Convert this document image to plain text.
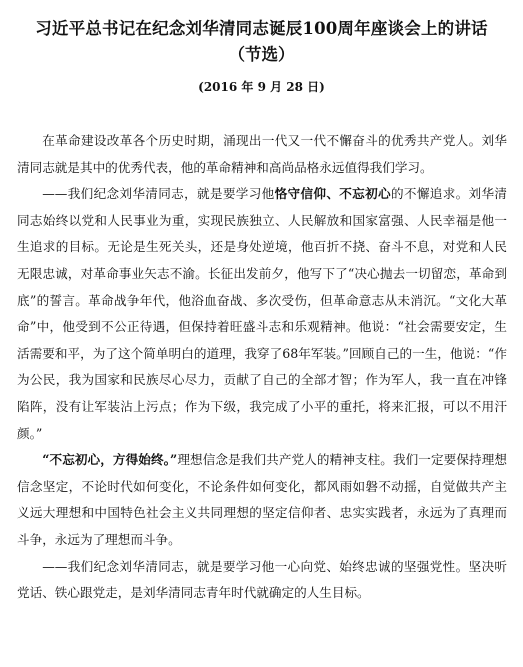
习近平总书记在纪念刘华清同志诞辰100周年座谈会上的讲话
（节选）
(2016 年 9 月 28 日)

在革命建设改革各个历史时期，涌现出一代又一代不懈奋斗的优秀共产党人。刘华清同志就是其中的优秀代表，他的革命精神和高尚品格永远值得我们学习。

——我们纪念刘华清同志，就是要学习他恪守信仰、不忘初心的不懈追求。刘华清同志始终以党和人民事业为重，实现民族独立、人民解放和国家富强、人民幸福是他一生追求的目标。无论是生死关头，还是身处逆境，他百折不挠、奋斗不息，对党和人民无限忠诚，对革命事业矢志不渝。长征出发前夕，他写下了“决心抛去一切留恋，革命到底”的誓言。革命战争年代，他浴血奋战、多次受伤，但革命意志从未消沉。“文化大革命”中，他受到不公正待遇，但保持着旺盛斗志和乐观精神。他说：“社会需要安定，生活需要和平，为了这个简单明白的道理，我穿了68年军装。”回顾自己的一生，他说：“作为公民，我为国家和民族尽心尽力，贡献了自己的全部才智；作为军人，我一直在冲锋陷阵，没有让军装沾上污点；作为下级，我完成了小平的重托，将来汇报，可以不用汗颜。”

“不忘初心，方得始终。”理想信念是我们共产党人的精神支柱。我们一定要保持理想信念坚定，不论时代如何变化，不论条件如何变化，都风雨如磐不动摇，自觉做共产主义远大理想和中国特色社会主义共同理想的坚定信仰者、忠实实践者，永远为了真理而斗争，永远为了理想而斗争。

——我们纪念刘华清同志，就是要学习他一心向党、始终忠诚的坚强党性。坚决听党话、铁心跟党走，是刘华清同志青年时代就确定的人生目标。
